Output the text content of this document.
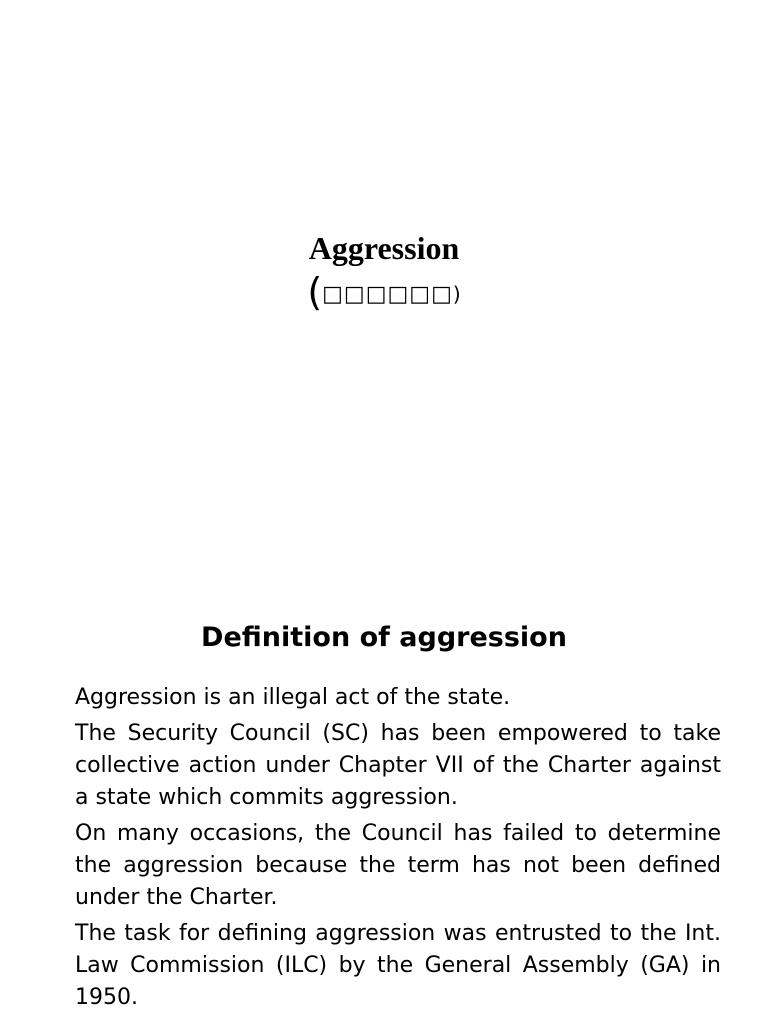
Aggression
(□□□□□□)
Definition of aggression

Aggression is an illegal act of the state.

The Security Council (SC) has been empowered to take collective action under Chapter VII of the Charter against a state which commits aggression.

On many occasions, the Council has failed to determine the aggression because the term has not been defined under the Charter.

The task for defining aggression was entrusted to the Int. Law Commission (ILC) by the General Assembly (GA) in 1950.
